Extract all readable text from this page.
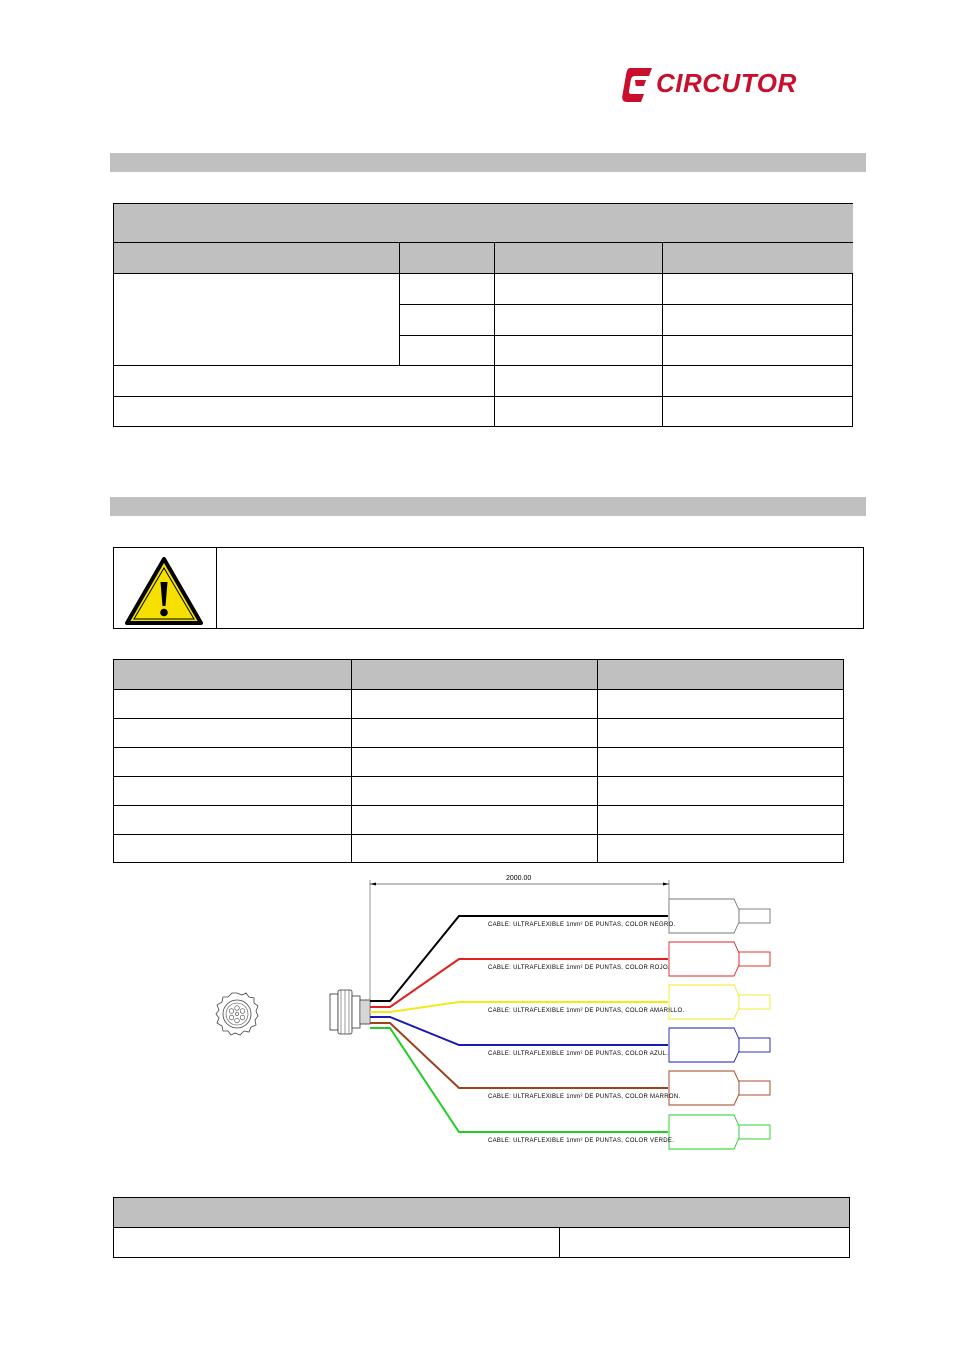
CIRCUTOR
CABLE: ULTRAFLEXIBLE 1mm² DE PUNTAS, COLOR NEGRO.
CABLE: ULTRAFLEXIBLE 1mm² DE PUNTAS, COLOR ROJO.
CABLE: ULTRAFLEXIBLE 1mm² DE PUNTAS, COLOR AMARILLO.
CABLE: ULTRAFLEXIBLE 1mm² DE PUNTAS, COLOR AZUL.
CABLE: ULTRAFLEXIBLE 1mm² DE PUNTAS, COLOR MARRON.
CABLE: ULTRAFLEXIBLE 1mm² DE PUNTAS, COLOR VERDE.
2000.00
